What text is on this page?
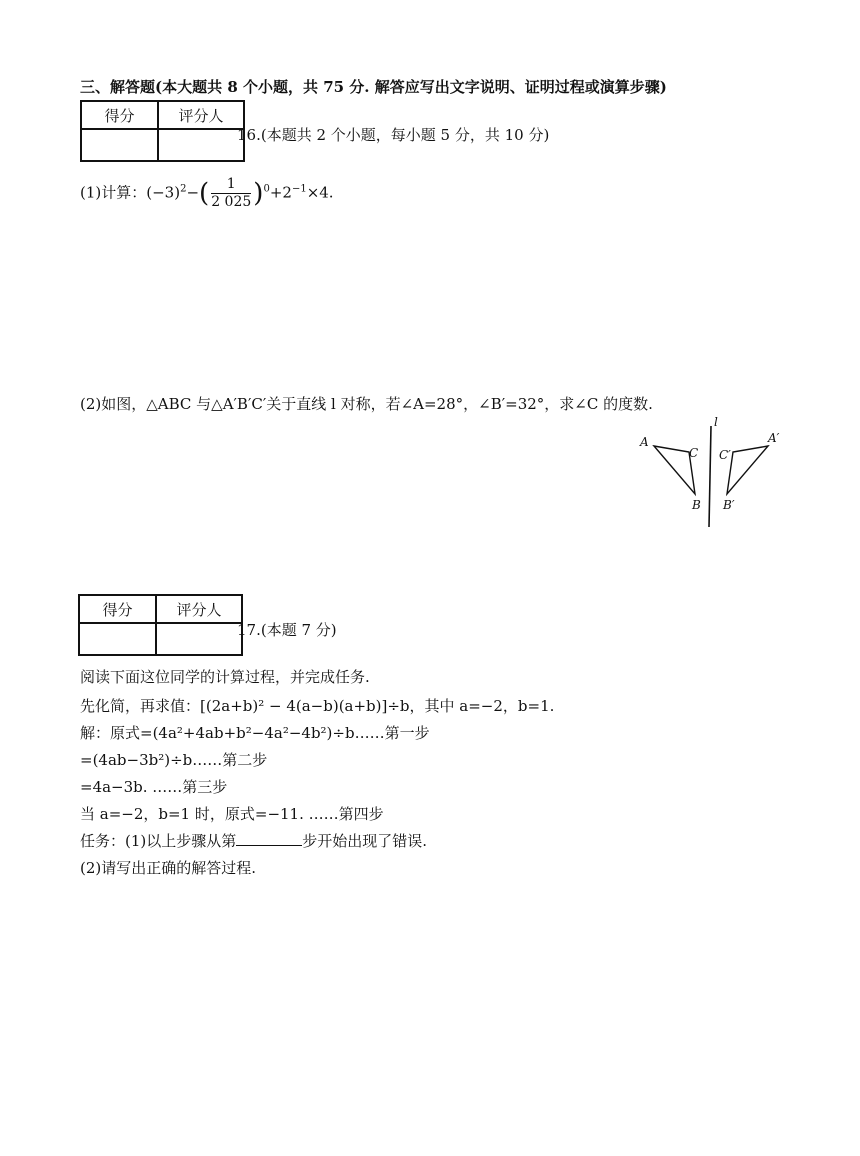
三、解答题(本大题共 8 个小题，共 75 分. 解答应写出文字说明、证明过程或演算步骤)
得分	评分人

16.(本题共 2 个小题，每小题 5 分，共 10 分)
(1)计算：$(-3)^2-( \frac{1}{2 025} )^0+2^{-1}\times 4$.
(2)如图，△ABC 与△A′B′C′关于直线 l 对称，若∠A=28°，∠B′=32°，求∠C 的度数.
l
A
C
B
A′
C′
B′
得分	评分人

17.(本题 7 分)
阅读下面这位同学的计算过程，并完成任务.
先化简，再求值：[(2a+b)² − 4(a−b)(a+b)]÷b，其中 a=−2，b=1.
解：原式=(4a²+4ab+b²−4a²−4b²)÷b……第一步
=(4ab−3b²)÷b……第二步
=4a−3b. ……第三步
当 a=−2，b=1 时，原式=−11. ……第四步
任务：(1)以上步骤从第	步开始出现了错误.
(2)请写出正确的解答过程.
